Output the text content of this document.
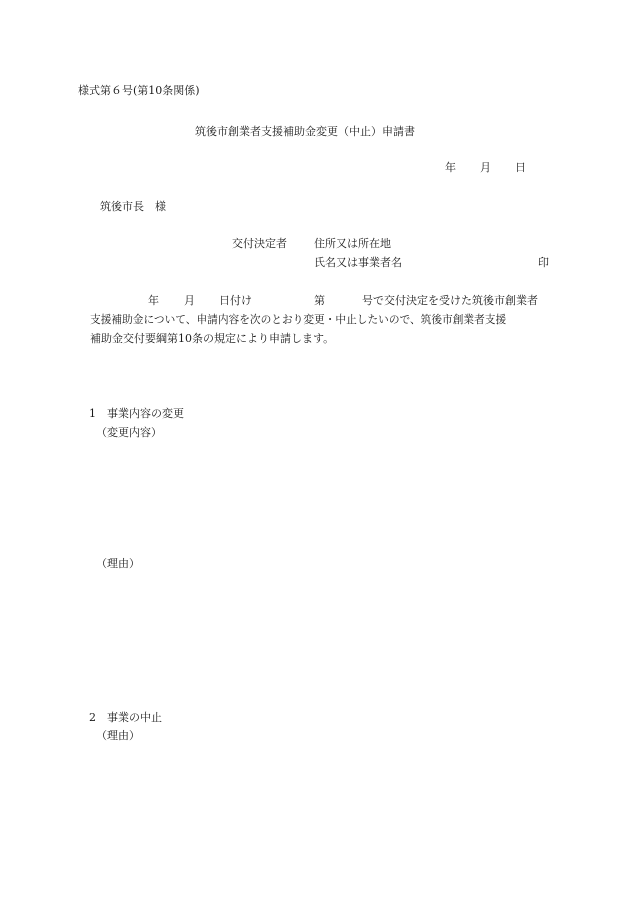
様式第６号(第10条関係)
筑後市創業者支援補助金変更（中止）申請書
年 月 日
筑後市長　様
交付決定者 住所又は所在地
氏名又は事業者名	印
年 月 日付け	第	号で交付決定を受けた筑後市創業者
支援補助金について、申請内容を次のとおり変更・中止したいので、筑後市創業者支援
補助金交付要綱第10条の規定により申請します。
1　事業内容の変更
（変更内容）
（理由）
2　事業の中止
（理由）
